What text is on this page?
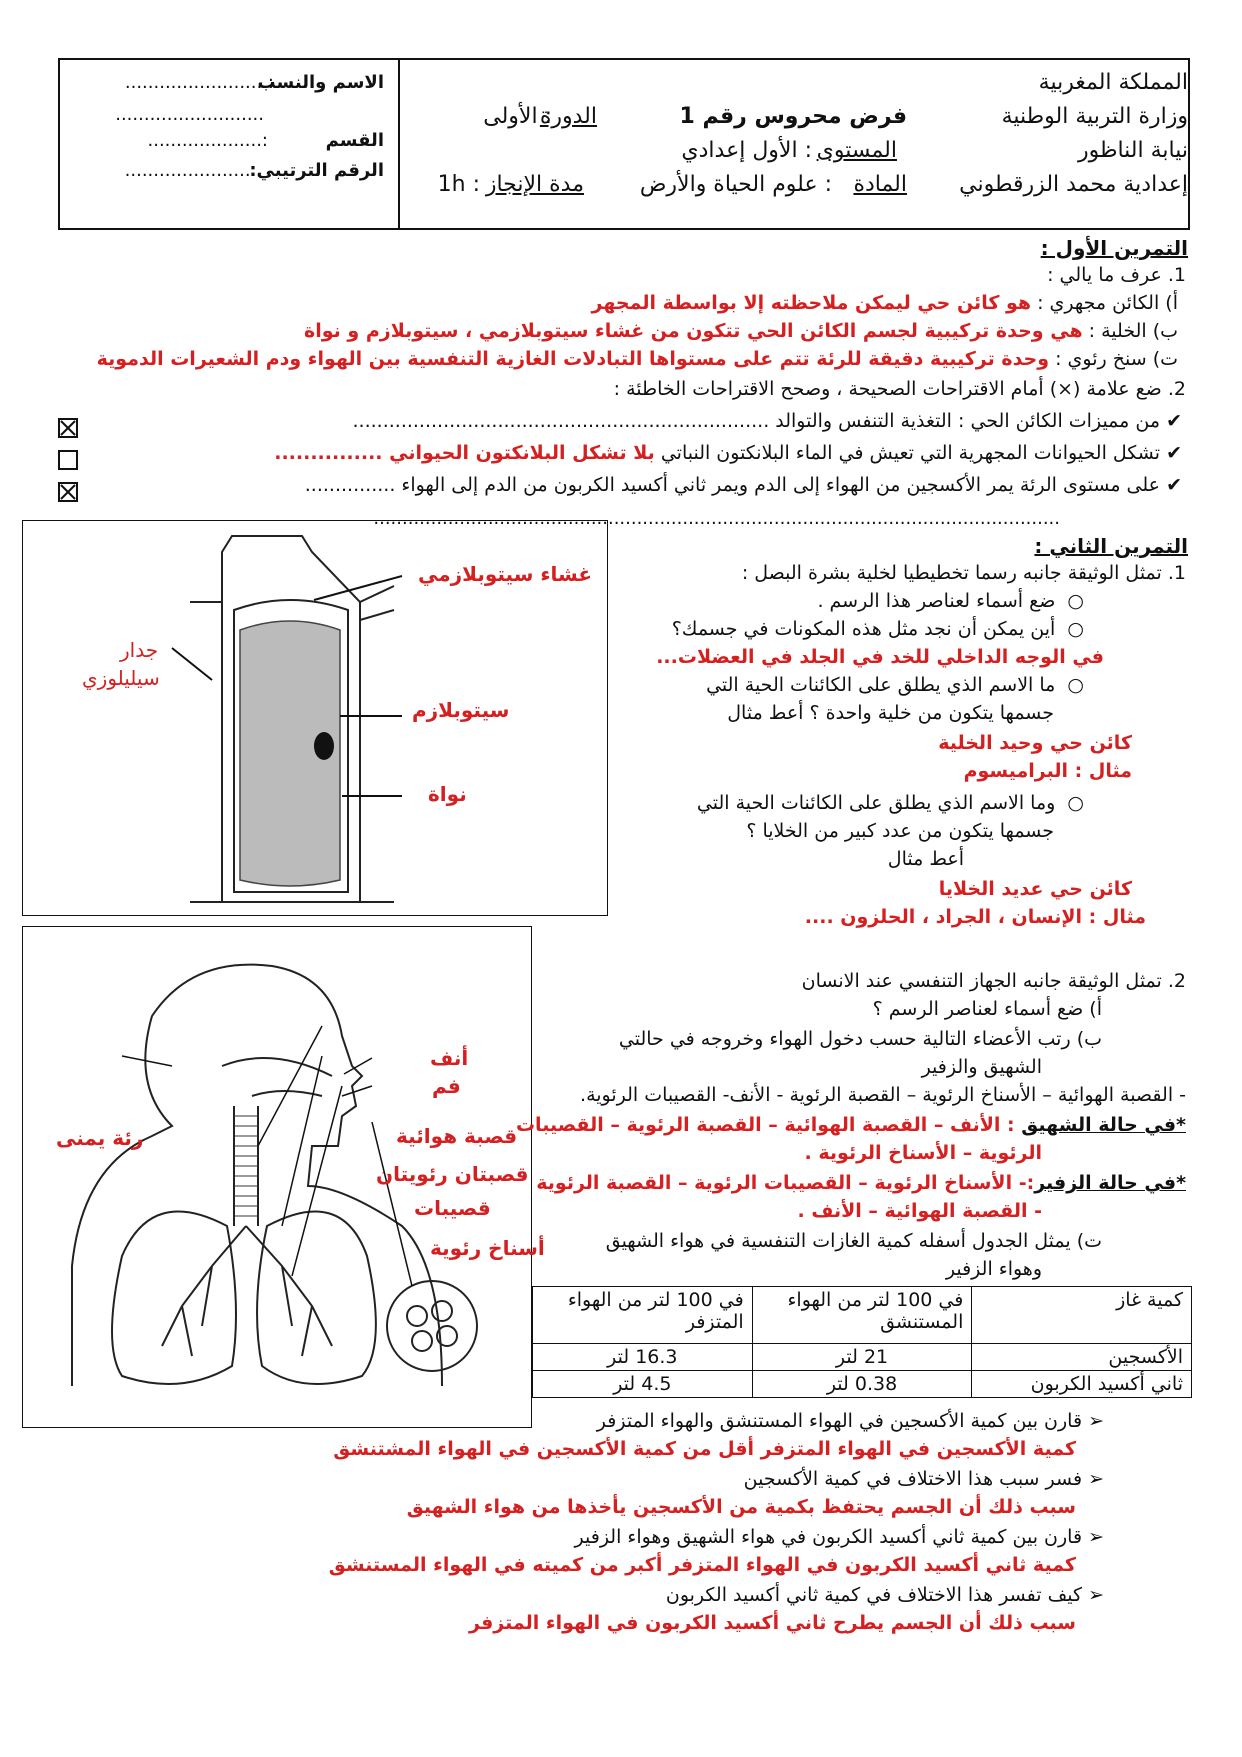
المملكة المغربية
وزارة التربية الوطنية
نيابة الناظور
إعدادية محمد الزرقطوني
فرض محروس رقم 1
: الأولى
الدورة
المستوى
: الأول إعدادي
المادة
: علوم الحياة والأرض
مدة الإنجاز
: 1h
الاسم والنسب
:.........................
..........................
القسم
:....................
الرقم الترتيبي:
........................
التمرين الأول :
1. عرف ما يالي :
أ) الكائن مجهري : هو كائن حي ليمكن ملاحظته إلا بواسطة المجهر
ب) الخلية : هي وحدة تركيبية لجسم الكائن الحي تتكون من غشاء سيتوبلازمي ، سيتوبلازم و نواة
ت) سنخ رئوي : وحدة تركيبية دقيقة للرئة تتم على مستواها التبادلات الغازية التنفسية بين الهواء ودم الشعيرات الدموية
2. ضع علامة (×) أمام الاقتراحات الصحيحة ، وصحح الاقتراحات الخاطئة :
✔ من مميزات الكائن الحي : التغذية التنفس والتوالد .....................................................................
✔ تشكل الحيوانات المجهرية التي تعيش في الماء البلانكتون النباتي بلا تشكل البلانكتون الحيواني ...............
✔ على مستوى الرئة يمر الأكسجين من الهواء إلى الدم ويمر ثاني أكسيد الكربون من الدم إلى الهواء ...............
........................................................................................................................
التمرين الثاني :
غشاء سيتوبلازمي
جدار
سيليلوزي
سيتوبلازم
نواة
1. تمثل الوثيقة جانبه رسما تخطيطيا لخلية بشرة البصل :
○  ضع أسماء لعناصر هذا الرسم .
○  أين يمكن أن نجد مثل هذه المكونات في جسمك؟
في الوجه الداخلي للخد في الجلد في العضلات...
○  ما الاسم الذي يطلق على الكائنات الحية التي
جسمها يتكون من خلية واحدة ؟ أعط مثال
كائن حي وحيد الخلية
مثال : البراميسوم
○  وما الاسم الذي يطلق على الكائنات الحية التي
جسمها يتكون من عدد كبير من الخلايا ؟
أعط مثال
كائن حي عديد الخلايا
مثال : الإنسان ، الجراد ، الحلزون ....
أنف
فم
رئة يمنى	قصبة هوائية
قصبتان رئويتان
قصيبات
أسناخ رئوية
2. تمثل الوثيقة جانبه الجهاز التنفسي عند الانسان
أ) ضع أسماء لعناصر الرسم ؟
ب) رتب الأعضاء التالية حسب دخول الهواء وخروجه في حالتي
الشهيق والزفير
- القصبة الهوائية – الأسناخ الرئوية – القصبة الرئوية - الأنف- القصيبات الرئوية.
*في حالة الشهيق : الأنف – القصبة الهوائية – القصبة الرئوية – القصيبات
الرئوية – الأسناخ الرئوية .
*في حالة الزفير:- الأسناخ الرئوية – القصيبات الرئوية – القصبة الرئوية
- القصبة الهوائية – الأنف .
ت) يمثل الجدول أسفله كمية الغازات التنفسية في هواء الشهيق
وهواء الزفير
كمية غاز	في 100 لتر من الهواء المستنشق	في 100 لتر من الهواء المتزفر
الأكسجين	21 لتر	16.3 لتر
ثاني أكسيد الكربون	0.38 لتر	4.5 لتر
➢ قارن بين كمية الأكسجين في الهواء المستنشق والهواء المتزفر
كمية الأكسجين في الهواء المتزفر أقل من كمية الأكسجين في الهواء المشتنشق
➢ فسر سبب هذا الاختلاف في كمية الأكسجين
سبب ذلك أن الجسم يحتفظ بكمية من الأكسجين يأخذها من هواء الشهيق
➢ قارن بين كمية ثاني أكسيد الكربون في هواء الشهيق وهواء الزفير
كمية ثاني أكسيد الكربون في الهواء المتزفر أكبر من كميته في الهواء المستنشق
➢ كيف تفسر هذا الاختلاف في كمية ثاني أكسيد الكربون
سبب ذلك أن الجسم يطرح ثاني أكسيد الكربون في الهواء المتزفر
